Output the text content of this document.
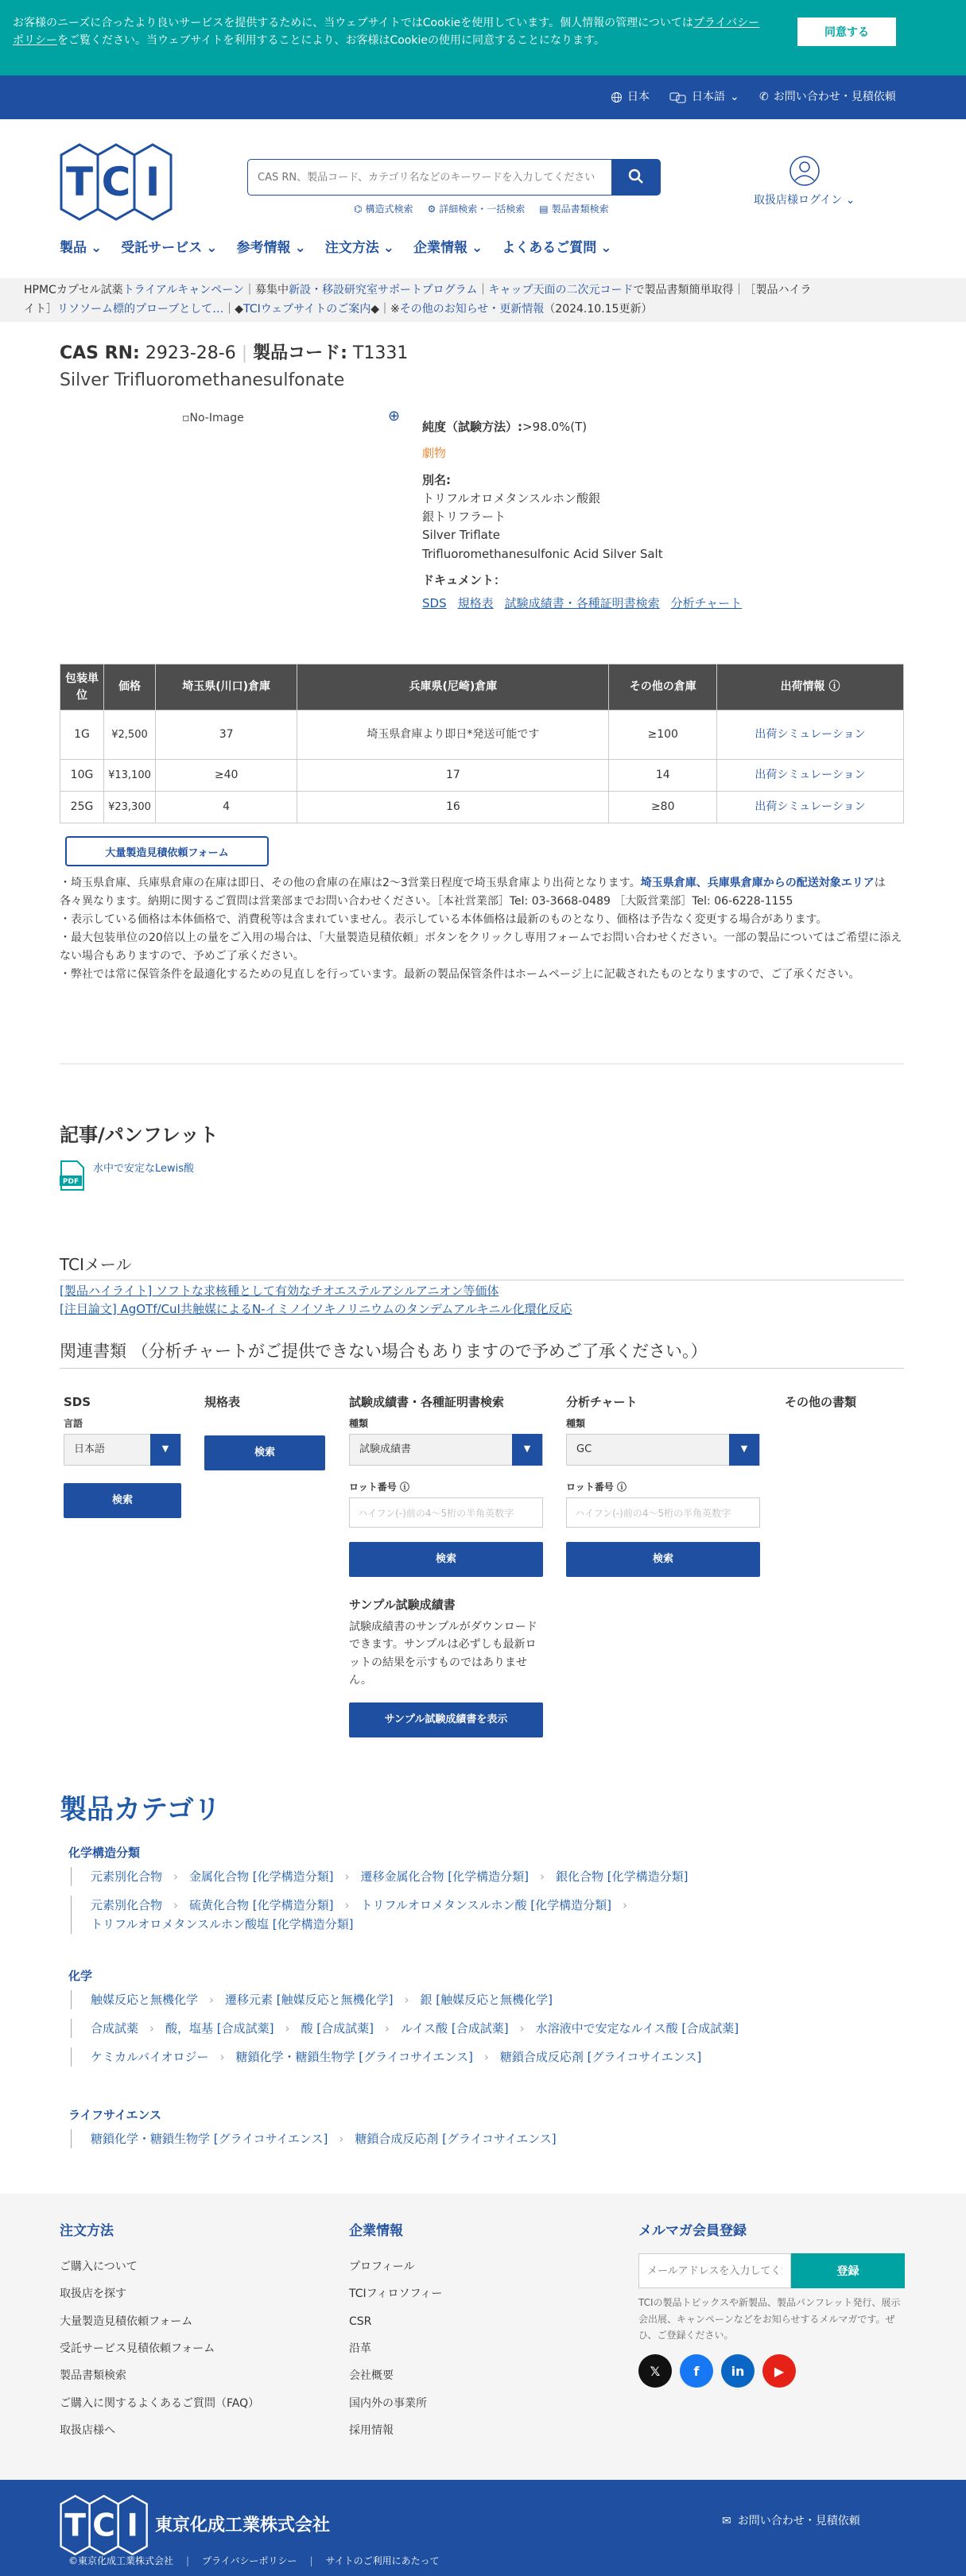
お客様のニーズに合ったより良いサービスを提供するために、当ウェブサイトではCookieを使用しています。個人情報の管理についてはプライバシーポリシーをご覧ください。当ウェブサイトを利用することにより、お客様はCookieの使用に同意することになります。

同意する
日本	日本語 ⌄ ✆ お問い合わせ・見積依頼
T C I
CAS RN、製品コード、カテゴリ名などのキーワードを入力してください
⌬ 構造式検索 ⚙ 詳細検索・一括検索 ▤ 製品書類検索
取扱店様ログイン ⌄
製品 ⌄ 受託サービス ⌄ 参考情報 ⌄ 注文方法 ⌄ 企業情報 ⌄ よくあるご質問 ⌄
HPMCカプセル試薬トライアルキャンペーン｜募集中新設・移設研究室サポートプログラム｜キャップ天面の二次元コードで製品書類簡単取得｜［製品ハイラ
イト］リソソーム標的プローブとして…｜◆TCIウェブサイトのご案内◆｜※その他のお知らせ・更新情報（2024.10.15更新）
CAS RN: 2923-28-6 | 製品コード: T1331
Silver Trifluoromethanesulfonate
▫No-Image	⊕
純度（試験方法）:>98.0%(T)
劇物
別名:
トリフルオロメタンスルホン酸銀
銀トリフラート
Silver Triflate
Trifluoromethanesulfonic Acid Silver Salt
ドキュメント：
SDS 規格表 試験成績書・各種証明書検索 分析チャート
包装単位	価格	埼玉県(川口)倉庫	兵庫県(尼崎)倉庫	その他の倉庫	出荷情報 ⓘ
1G	¥2,500	37	埼玉県倉庫より即日*発送可能です	≥100	出荷シミュレーション
10G	¥13,100	≥40	17	14	出荷シミュレーション
25G	¥23,300	4	16	≥80	出荷シミュレーション
大量製造見積依頼フォーム
・埼玉県倉庫、兵庫県倉庫の在庫は即日、その他の倉庫の在庫は2～3営業日程度で埼玉県倉庫より出荷となります。埼玉県倉庫、兵庫県倉庫からの配送対象エリアは各々異なります。納期に関するご質問は営業部までお問い合わせください。［本社営業部］Tel: 03-3668-0489 ［大阪営業部］Tel: 06-6228-1155
・表示している価格は本体価格で、消費税等は含まれていません。表示している本体価格は最新のものとなり、価格は予告なく変更する場合があります。
・最大包装単位の20倍以上の量をご入用の場合は、「大量製造見積依頼」ボタンをクリックし専用フォームでお問い合わせください。一部の製品についてはご希望に添えない場合もありますので、予めご了承ください。
・弊社では常に保管条件を最適化するための見直しを行っています。最新の製品保管条件はホームページ上に記載されたものとなりますので、ご了承ください。
記事/パンフレット
PDF
水中で安定なLewis酸
TCIメール
[製品ハイライト] ソフトな求核種として有効なチオエステルアシルアニオン等価体
[注目論文] AgOTf/CuI共触媒によるN-イミノイソキノリニウムのタンデムアルキニル化環化反応
関連書類 （分析チャートがご提供できない場合もありますので予めご了承ください。）
SDS
言語
日本語	▼
検索
規格表
検索
試験成績書・各種証明書検索
種類
試験成績書	▼
ロット番号 ⓘ
ハイフン(-)前の4～5桁の半角英数字
検索
サンプル試験成績書
試験成績書のサンプルがダウンロードできます。サンプルは必ずしも最新ロットの結果を示すものではありません。
サンプル試験成績書を表示
分析チャート
種類
GC	▼
ロット番号 ⓘ
ハイフン(-)前の4～5桁の半角英数字
検索
その他の書類
製品カテゴリ
化学構造分類
元素別化合物 › 金属化合物 [化学構造分類] › 遷移金属化合物 [化学構造分類] › 銀化合物 [化学構造分類]
元素別化合物 › 硫黄化合物 [化学構造分類] › トリフルオロメタンスルホン酸 [化学構造分類] ›
トリフルオロメタンスルホン酸塩 [化学構造分類]
化学
触媒反応と無機化学 › 遷移元素 [触媒反応と無機化学] › 銀 [触媒反応と無機化学]
合成試薬 › 酸，塩基 [合成試薬] › 酸 [合成試薬] › ルイス酸 [合成試薬] › 水溶液中で安定なルイス酸 [合成試薬]
ケミカルバイオロジー › 糖鎖化学・糖鎖生物学 [グライコサイエンス] › 糖鎖合成反応剤 [グライコサイエンス]
ライフサイエンス
糖鎖化学・糖鎖生物学 [グライコサイエンス] › 糖鎖合成反応剤 [グライコサイエンス]
注文方法
ご購入について
取扱店を探す
大量製造見積依頼フォーム
受託サービス見積依頼フォーム
製品書類検索
ご購入に関するよくあるご質問（FAQ）
取扱店様へ
企業情報
プロフィール
TCIフィロソフィー
CSR
沿革
会社概要
国内外の事業所
採用情報
メルマガ会員登録
メールアドレスを入力してください
登録
TCIの製品トピックスや新製品、製品パンフレット発行、展示会出展、キャンペーンなどをお知らせするメルマガです。ぜひ、ご登録ください。
𝕏	f	in	▶
T C I 東京化成工業株式会社	✉ お問い合わせ・見積依頼
©東京化成工業株式会社 | プライバシーポリシー | サイトのご利用にあたって
